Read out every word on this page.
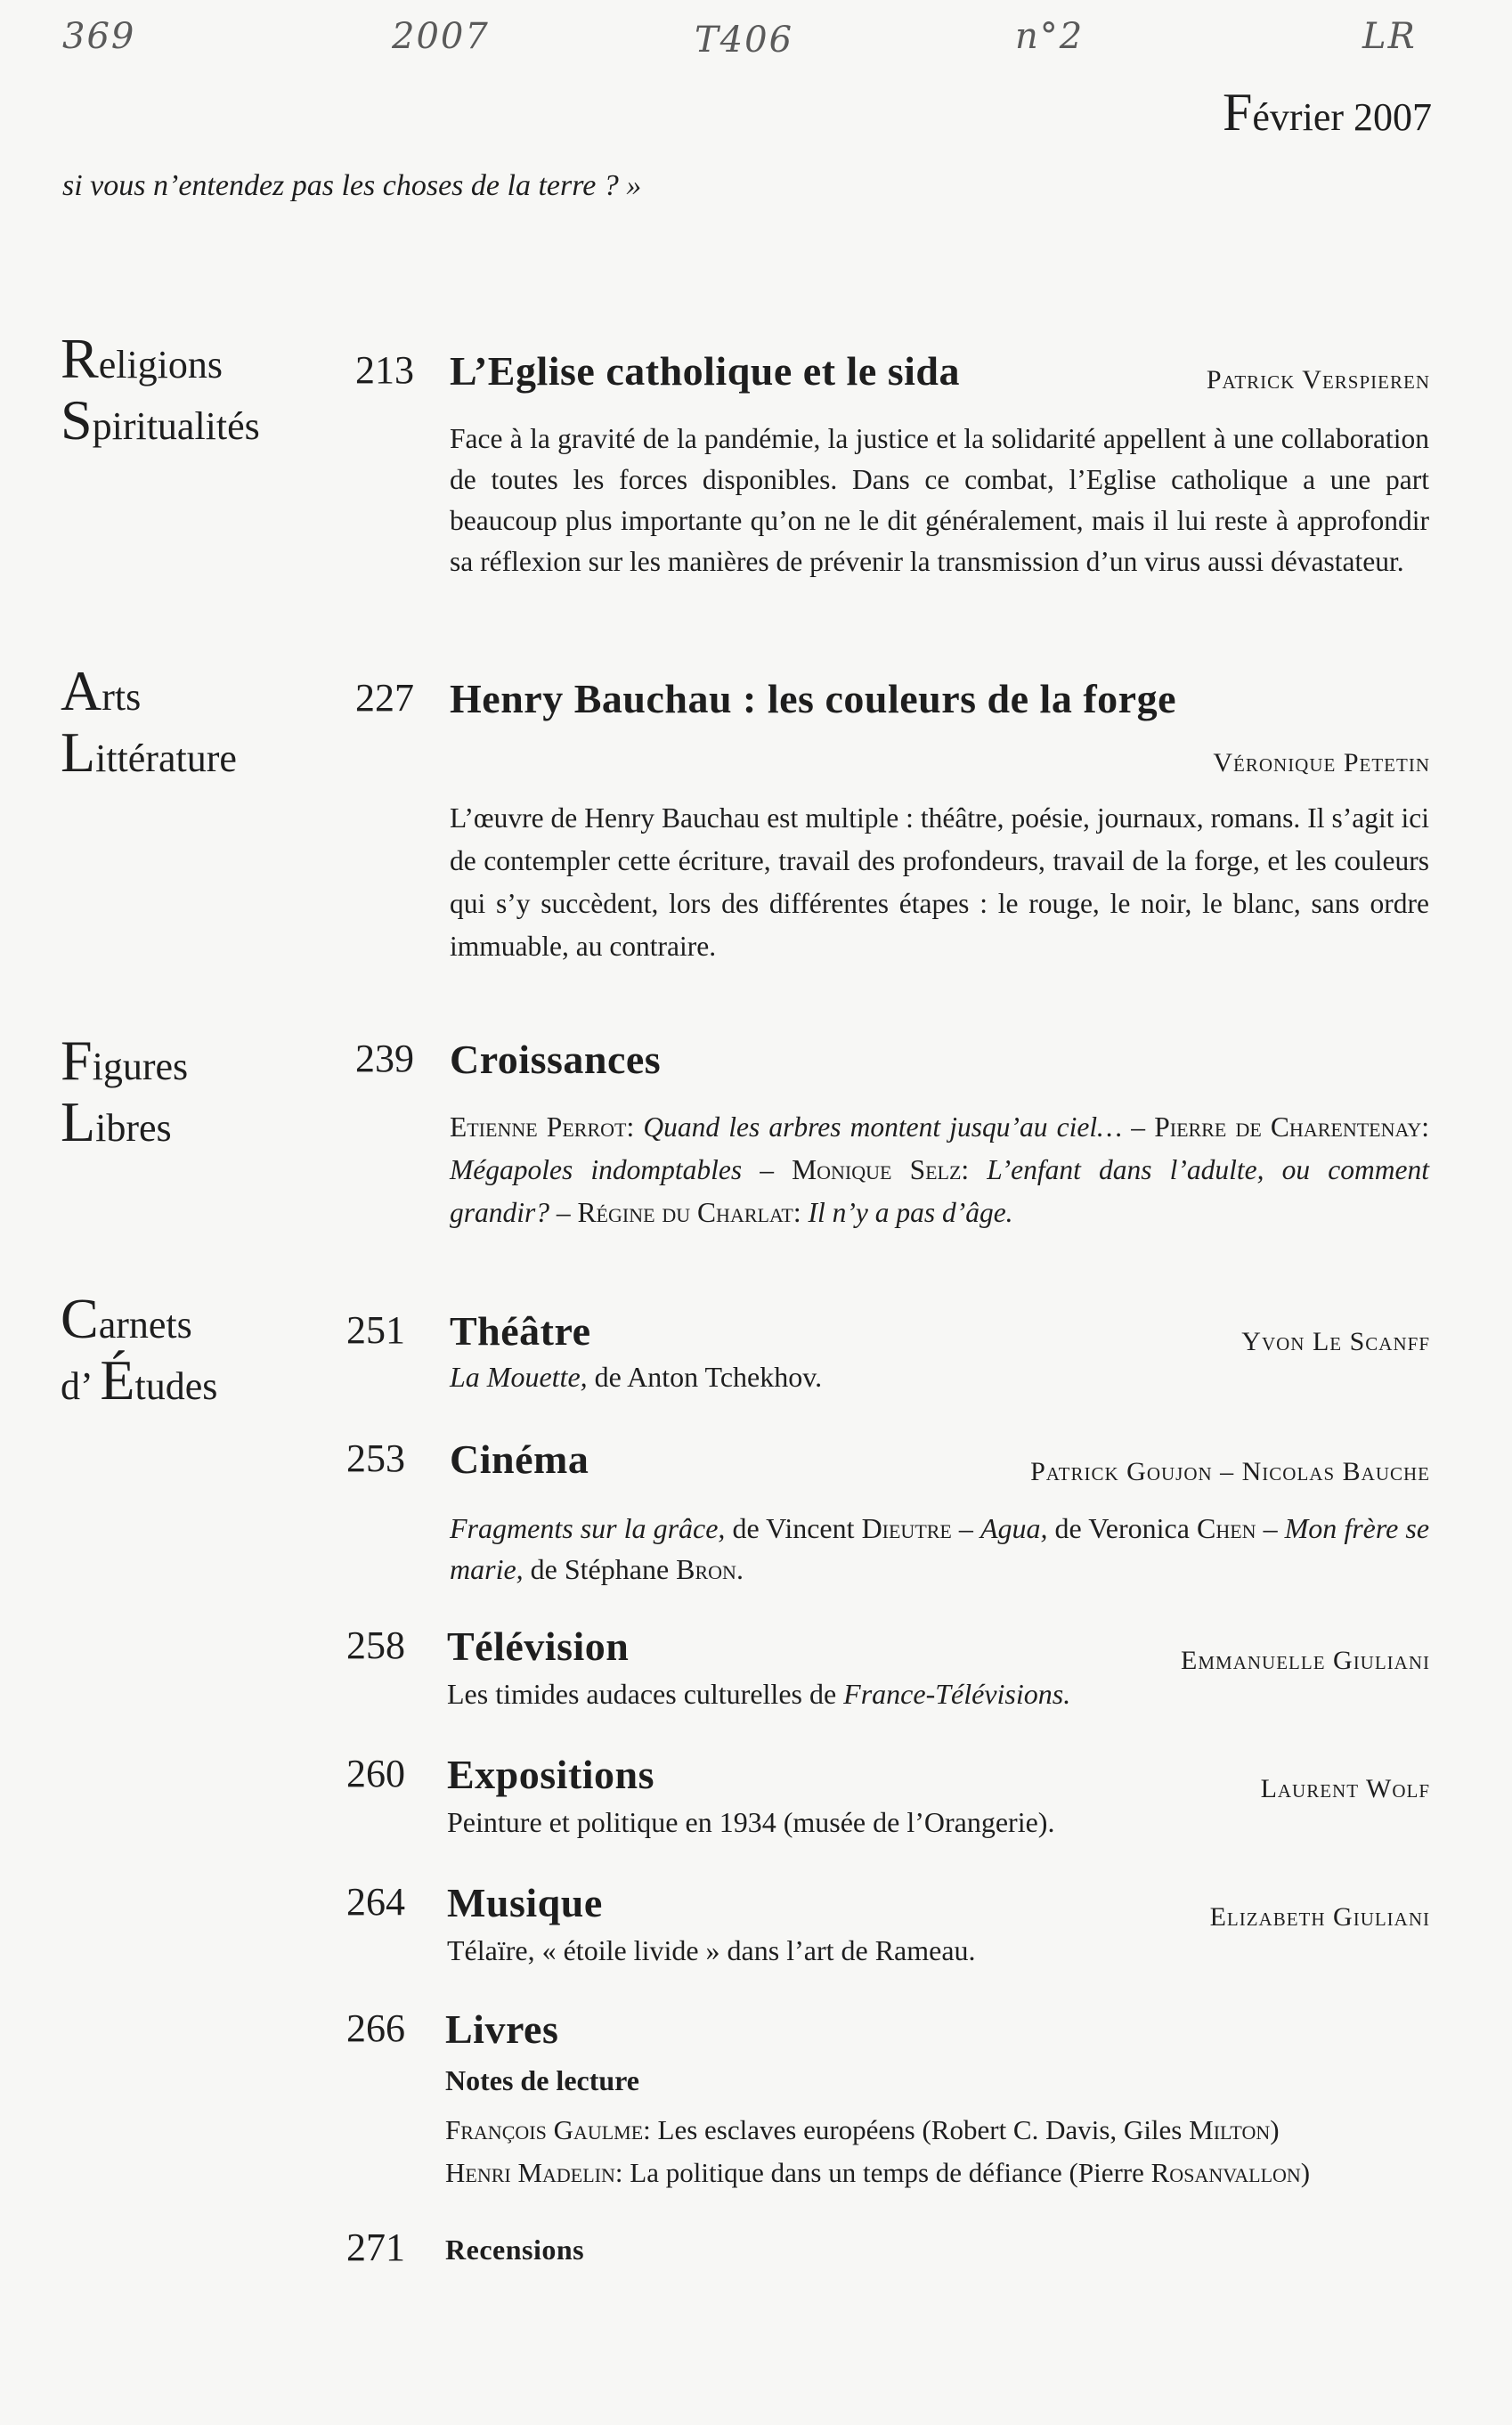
369	2007	T406	n°2	LR
Février 2007
si vous n’entendez pas les choses de la terre ? »
Religions
Spiritualités
213 L’Eglise catholique et le sida	Patrick Verspieren
Face à la gravité de la pandémie, la justice et la solidarité appellent à une collaboration de toutes les forces disponibles. Dans ce combat, l’Eglise catholique a une part beaucoup plus importante qu’on ne le dit généralement, mais il lui reste à approfondir sa réflexion sur les manières de prévenir la transmission d’un virus aussi dévastateur.
Arts
Littérature
227 Henry Bauchau : les couleurs de la forge
Véronique Petetin
L’œuvre de Henry Bauchau est multiple : théâtre, poésie, journaux, romans. Il s’agit ici de contempler cette écriture, travail des profondeurs, travail de la forge, et les couleurs qui s’y succèdent, lors des différentes étapes : le rouge, le noir, le blanc, sans ordre immuable, au contraire.
Figures
Libres
239 Croissances
Etienne Perrot: Quand les arbres montent jusqu’au ciel… – Pierre de Charentenay: Mégapoles indomptables – Monique Selz: L’enfant dans l’adulte, ou comment grandir? – Régine du Charlat: Il n’y a pas d’âge.
Carnets
d’ Études
251 Théâtre	Yvon Le Scanff
La Mouette, de Anton Tchekhov.
253 Cinéma	Patrick Goujon – Nicolas Bauche
Fragments sur la grâce, de Vincent Dieutre – Agua, de Veronica Chen – Mon frère se marie, de Stéphane Bron.
258 Télévision	Emmanuelle Giuliani
Les timides audaces culturelles de France-Télévisions.
260 Expositions	Laurent Wolf
Peinture et politique en 1934 (musée de l’Orangerie).
264 Musique	Elizabeth Giuliani
Télaïre, « étoile livide » dans l’art de Rameau.
266 Livres
Notes de lecture
François Gaulme: Les esclaves européens (Robert C. Davis, Giles Milton)
Henri Madelin: La politique dans un temps de défiance (Pierre Rosanvallon)
271 Recensions
